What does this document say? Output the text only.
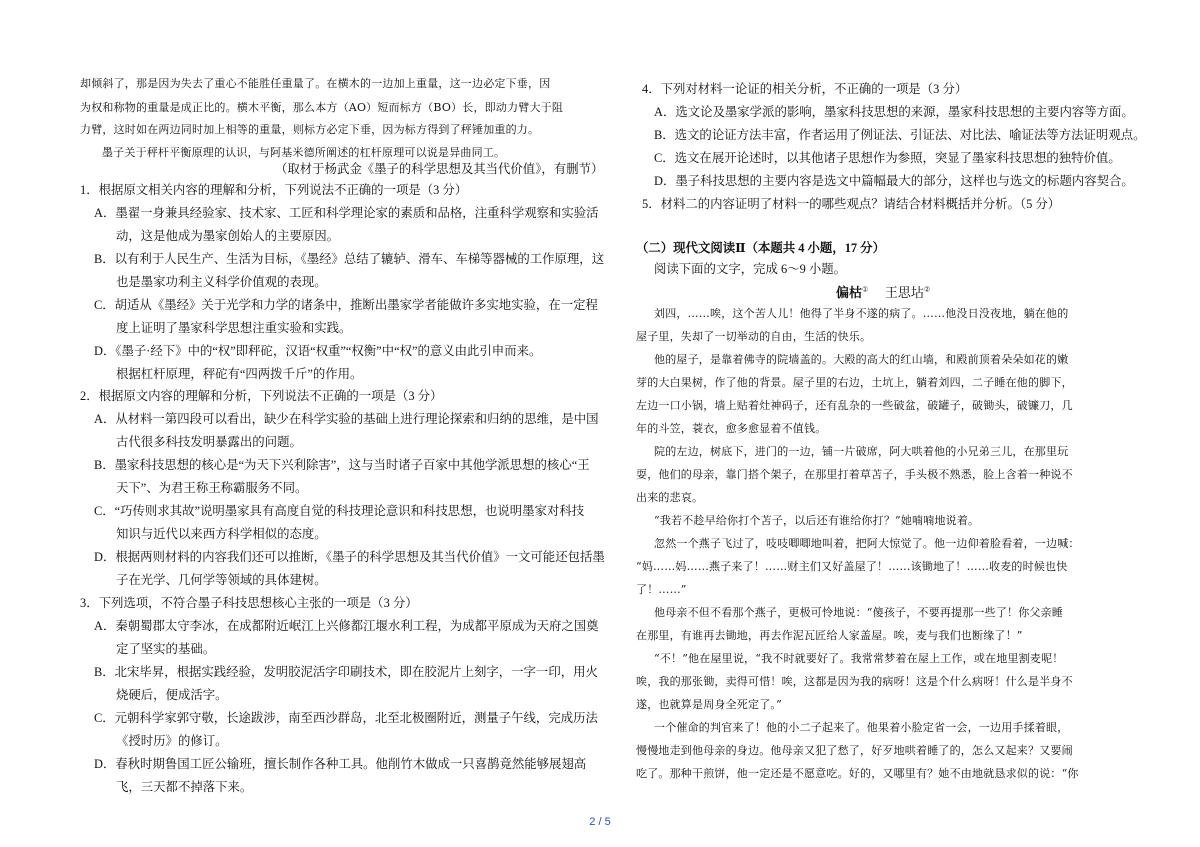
却倾斜了，那是因为失去了重心不能胜任重量了。在横木的一边加上重量，这一边必定下垂，因
为权和称物的重量是成正比的。横木平衡，那么本方（AO）短而标方（BO）长，即动力臂大于阻
力臂，这时如在两边同时加上相等的重量，则标方必定下垂，因为标方得到了秤锤加重的力。
墨子关于秤杆平衡原理的认识，与阿基米德所阐述的杠杆原理可以说是异曲同工。
（取材于杨武金《墨子的科学思想及其当代价值》，有删节）
1．根据原文相关内容的理解和分析，下列说法不正确的一项是（3 分）
A．墨翟一身兼具经验家、技术家、工匠和科学理论家的素质和品格，注重科学观察和实验活
动，这是他成为墨家创始人的主要原因。
B．以有利于人民生产、生活为目标，《墨经》总结了辘轳、滑车、车梯等器械的工作原理，这
也是墨家功利主义科学价值观的表现。
C．胡适从《墨经》关于光学和力学的诸条中，推断出墨家学者能做许多实地实验，在一定程
度上证明了墨家科学思想注重实验和实践。
D．《墨子·经下》中的“权”即秤砣，汉语“权重”“权衡”中“权”的意义由此引申而来。
根据杠杆原理，秤砣有“四两拨千斤”的作用。
2．根据原文内容的理解和分析，下列说法不正确的一项是（3 分）
A．从材料一第四段可以看出，缺少在科学实验的基础上进行理论探索和归纳的思维，是中国
古代很多科技发明暴露出的问题。
B．墨家科技思想的核心是“为天下兴利除害”，这与当时诸子百家中其他学派思想的核心“王
天下”、为君王称王称霸服务不同。
C．“巧传则求其故”说明墨家具有高度自觉的科技理论意识和科技思想，也说明墨家对科技
知识与近代以来西方科学相似的态度。
D．根据两则材料的内容我们还可以推断，《墨子的科学思想及其当代价值》一文可能还包括墨
子在光学、几何学等领域的具体建树。
3．下列选项，不符合墨子科技思想核心主张的一项是（3 分）
A．秦朝蜀郡太守李冰，在成都附近岷江上兴修都江堰水利工程，为成都平原成为天府之国奠
定了坚实的基础。
B．北宋毕昇，根据实践经验，发明胶泥活字印刷技术，即在胶泥片上刻字，一字一印，用火
烧硬后，便成活字。
C．元朝科学家郭守敬，长途跋涉，南至西沙群岛，北至北极圈附近，测量子午线，完成历法
《授时历》的修订。
D．春秋时期鲁国工匠公输班，擅长制作各种工具。他削竹木做成一只喜鹊竟然能够展翅高
飞，三天都不掉落下来。
4．下列对材料一论证的相关分析，不正确的一项是（3 分）
A．选文论及墨家学派的影响，墨家科技思想的来源，墨家科技思想的主要内容等方面。
B．选文的论证方法丰富，作者运用了例证法、引证法、对比法、喻证法等方法证明观点。
C．选文在展开论述时，以其他诸子思想作为参照，突显了墨家科技思想的独特价值。
D．墨子科技思想的主要内容是选文中篇幅最大的部分，这样也与选文的标题内容契合。
5．材料二的内容证明了材料一的哪些观点？请结合材料概括并分析。（5 分）
（二）现代文阅读Ⅱ（本题共 4 小题，17 分）
阅读下面的文字，完成 6～9 小题。
偏枯① 王思坫②
刘四，……唉，这个苦人儿！他得了半身不遂的病了。……他没日没夜地，躺在他的
屋子里，失却了一切举动的自由，生活的快乐。
他的屋子，是靠着佛寺的院墙盖的。大殿的高大的红山墙，和殿前顶着朵朵如花的嫩
芽的大白果树，作了他的背景。屋子里的右边，土坑上，躺着刘四，二子睡在他的脚下，
左边一口小锅，墙上贴着灶神码子，还有乱杂的一些破盆，破罐子，破锄头，破镰刀，几
年的斗笠，蓑衣，愈多愈显着不值钱。
院的左边，树底下，进门的一边，铺一片破席，阿大哄着他的小兄弟三儿，在那里玩
耍，他们的母亲，靠门搭个架子，在那里打着草苫子，手头极不熟悉，脸上含着一种说不
出来的悲哀。
“我若不趁早给你打个苫子，以后还有谁给你打？”她喃喃地说着。
忽然一个燕子飞过了，吱吱唧唧地叫着，把阿大惊觉了。他一边仰着脸看着，一边喊：
“妈……妈……燕子来了！……财主们又好盖屋了！……该锄地了！……收麦的时候也快
了！……”
他母亲不但不看那个燕子，更极可怜地说：“傻孩子，不要再提那一些了！你父亲睡
在那里，有谁再去锄地，再去作泥瓦匠给人家盖屋。唉，麦与我们也断缘了！”
“不！”他在屋里说，“我不时就要好了。我常常梦着在屋上工作，或在地里割麦呢！
唉，我的那张锄，卖得可惜！唉，这都是因为我的病呀！这是个什么病呀！什么是半身不
遂，也就算是周身全死定了。”
一个催命的判官来了！他的小二子起来了。他果着小脸定省一会，一边用手揉着眼，
慢慢地走到他母亲的身边。他母亲又犯了愁了，好歹地哄着睡了的，怎么又起来？又要闹
吃了。那种干煎饼，他一定还是不愿意吃。好的，又哪里有？她不由地就恳求似的说：“你
2 / 5
